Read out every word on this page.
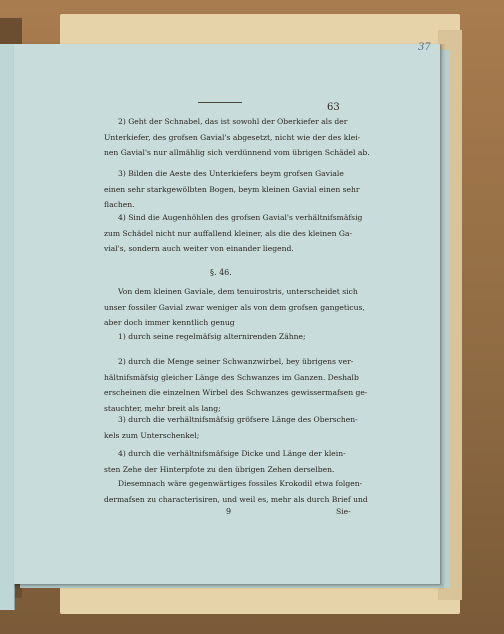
37
63
2) Geht der Schnabel, das ist sowohl der Oberkiefer als der
Unterkiefer, des grofsen Gavial's abgesetzt, nicht wie der des klei-
nen Gavial's nur allmählig sich verdünnend vom übrigen Schädel ab.
3) Bilden die Aeste des Unterkiefers beym grofsen Gaviale
einen sehr starkgewölbten Bogen, beym kleinen Gavial einen sehr
flachen.
4) Sind die Augenhöhlen des grofsen Gavial's verhältnifsmäfsig
zum Schädel nicht nur auffallend kleiner, als die des kleinen Ga-
vial's, sondern auch weiter von einander liegend.
§. 46.
Von dem kleinen Gaviale, dem tenuirostris, unterscheidet sich
unser fossiler Gavial zwar weniger als von dem grofsen gangeticus,
aber doch immer kenntlich genug
1) durch seine regelmäfsig alternirenden Zähne;
2) durch die Menge seiner Schwanzwirbel, bey übrigens ver-
hältnifsmäfsig gleicher Länge des Schwanzes im Ganzen. Deshalb
erscheinen die einzelnen Wirbel des Schwanzes gewissermafsen ge-
stauchter, mehr breit als lang;
3) durch die verhältnifsmäfsig gröfsere Länge des Oberschen-
kels zum Unterschenkel;
4) durch die verhältnifsmäfsige Dicke und Länge der klein-
sten Zehe der Hinterpfote zu den übrigen Zehen derselben.
Diesemnach wäre gegenwärtiges fossiles Krokodil etwa folgen-
dermafsen zu characterisiren, und weil es, mehr als durch Brief und
9	Sie-
